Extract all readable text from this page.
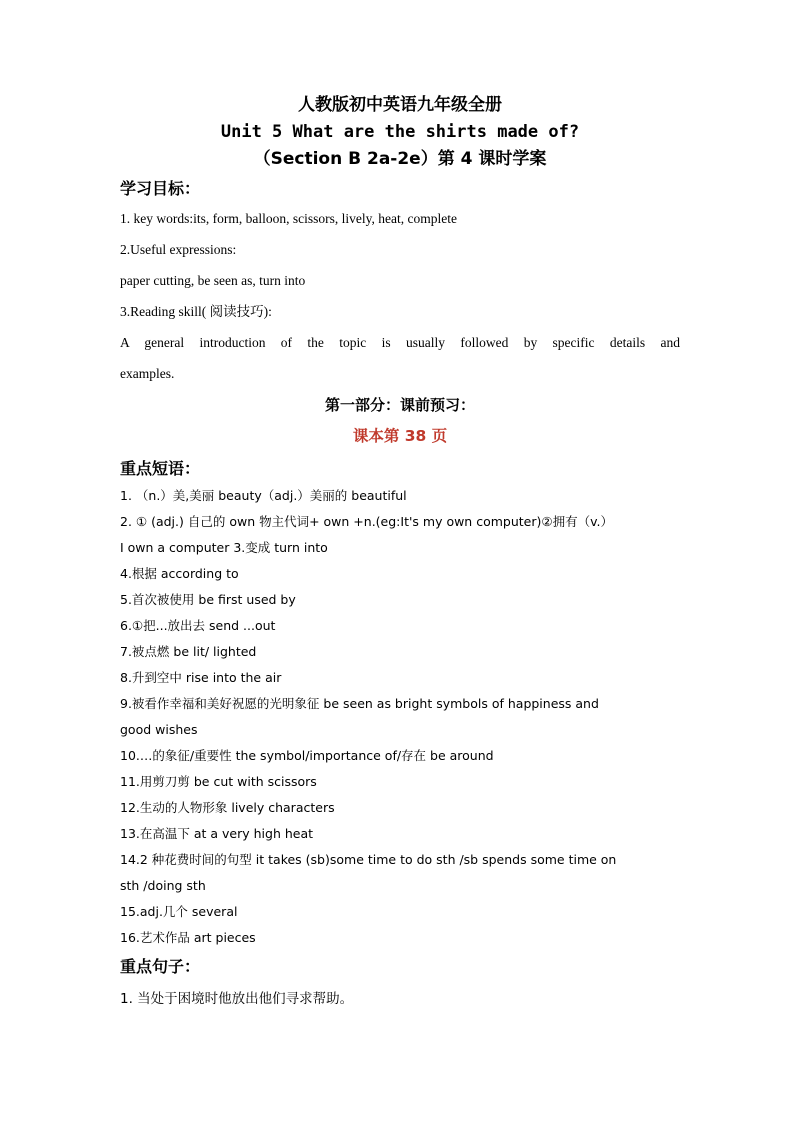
人教版初中英语九年级全册

Unit 5 What are the shirts made of?

（Section B 2a-2e）第 4 课时学案

学习目标：

1. key words:its, form, balloon, scissors, lively, heat, complete

2.Useful expressions:

paper cutting, be seen as, turn into

3.Reading skill( 阅读技巧):

A general introduction of the topic is usually followed by specific details and

examples.

第一部分：课前预习：

课本第 38 页

重点短语：

1. （n.）美,美丽 beauty（adj.）美丽的 beautiful

2. ① (adj.) 自己的 own 物主代词+ own +n.(eg:It's my own computer)②拥有（v.）

I own a computer 3.变成 turn into

4.根据 according to

5.首次被使用 be first used by

6.①把...放出去 send ...out

7.被点燃 be lit/ lighted

8.升到空中 rise into the air

9.被看作幸福和美好祝愿的光明象征 be seen as bright symbols of happiness and

good wishes

10.…的象征/重要性 the symbol/importance of/存在 be around

11.用剪刀剪 be cut with scissors

12.生动的人物形象 lively characters

13.在高温下 at a very high heat

14.2 种花费时间的句型 it takes (sb)some time to do sth /sb spends some time on

sth /doing sth

15.adj.几个 several

16.艺术作品 art pieces

重点句子：

1. 当处于困境时他放出他们寻求帮助。
